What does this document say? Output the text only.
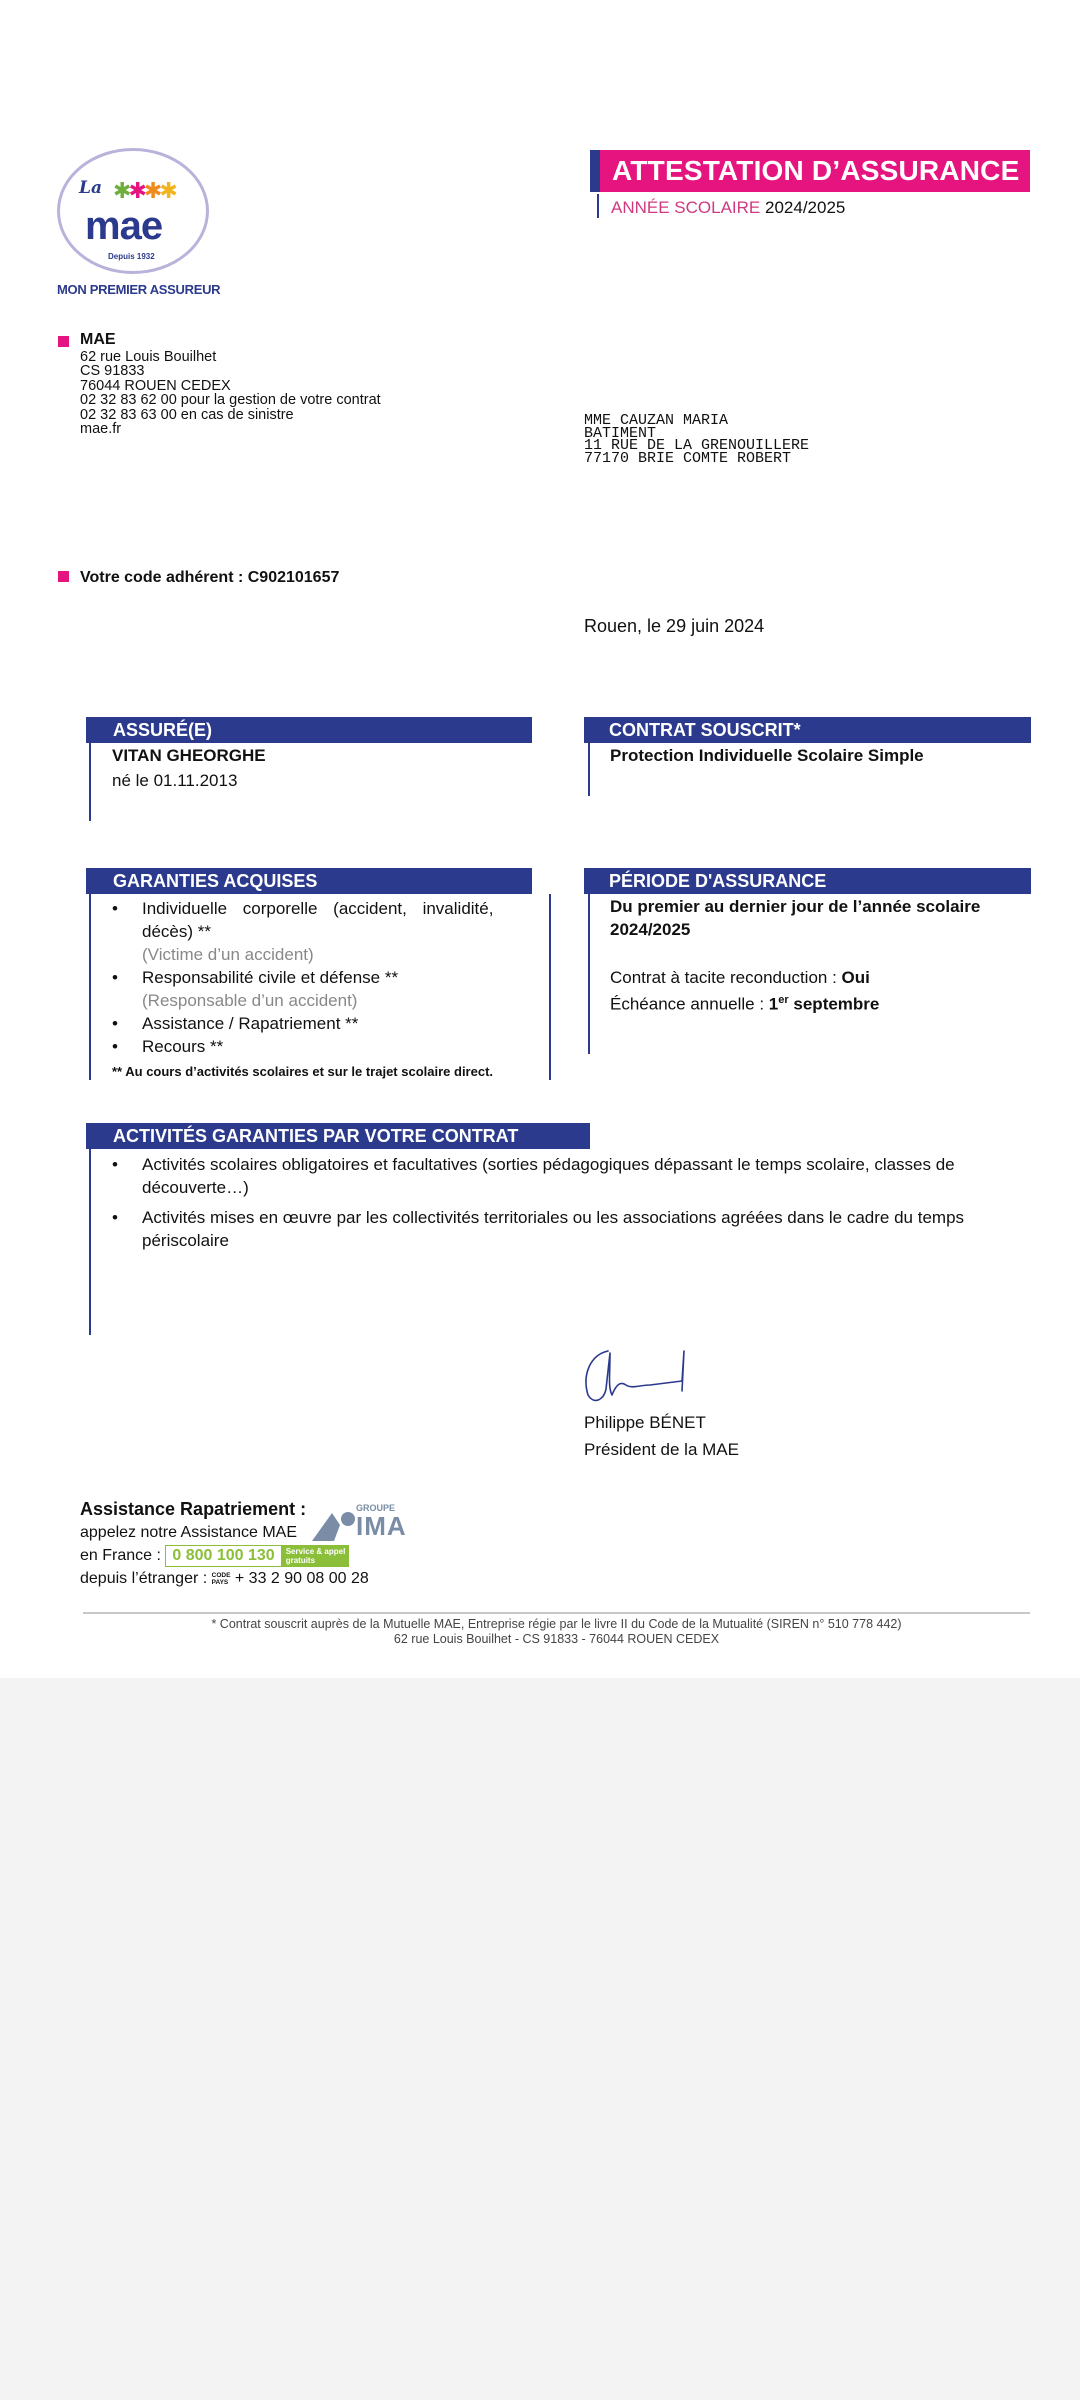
La ✱✱✱✱
mae
Depuis 1932
MON PREMIER ASSUREUR
ATTESTATION D’ASSURANCE
ANNÉE SCOLAIRE 2024/2025
MAE
62 rue Louis Bouilhet
CS 91833
76044 ROUEN CEDEX
02 32 83 62 00 pour la gestion de votre contrat
02 32 83 63 00 en cas de sinistre
mae.fr	MME CAUZAN MARIA
BATIMENT
11 RUE DE LA GRENOUILLERE
77170 BRIE COMTE ROBERT
Votre code adhérent : C902101657
Rouen, le 29 juin 2024
ASSURÉ(E)
VITAN GHEORGHE
né le 01.11.2013
CONTRAT SOUSCRIT*
Protection Individuelle Scolaire Simple
GARANTIES ACQUISES
• Individuelle corporelle (accident, invalidité,
décès) **
(Victime d’un accident)
• Responsabilité civile et défense **
(Responsable d’un accident)
• Assistance / Rapatriement **
• Recours **
** Au cours d’activités scolaires et sur le trajet scolaire direct.
PÉRIODE D'ASSURANCE
Du premier au dernier jour de l’année scolaire
2024/2025
Contrat à tacite reconduction : Oui
Échéance annuelle : 1er septembre
ACTIVITÉS GARANTIES PAR VOTRE CONTRAT
• Activités scolaires obligatoires et facultatives (sorties pédagogiques dépassant le temps scolaire, classes de
découverte…)
• Activités mises en œuvre par les collectivités territoriales ou les associations agréées dans le cadre du temps
périscolaire
Philippe BÉNET
Président de la MAE
Assistance Rapatriement :
appelez notre Assistance MAE
en France : 0 800 100 130 Service & appel
gratuits
depuis l’étranger : CODE
PAYS + 33 2 90 08 00 28
GROUPE
IMA
* Contrat souscrit auprès de la Mutuelle MAE, Entreprise régie par le livre II du Code de la Mutualité (SIREN n° 510 778 442)
62 rue Louis Bouilhet - CS 91833 - 76044 ROUEN CEDEX
